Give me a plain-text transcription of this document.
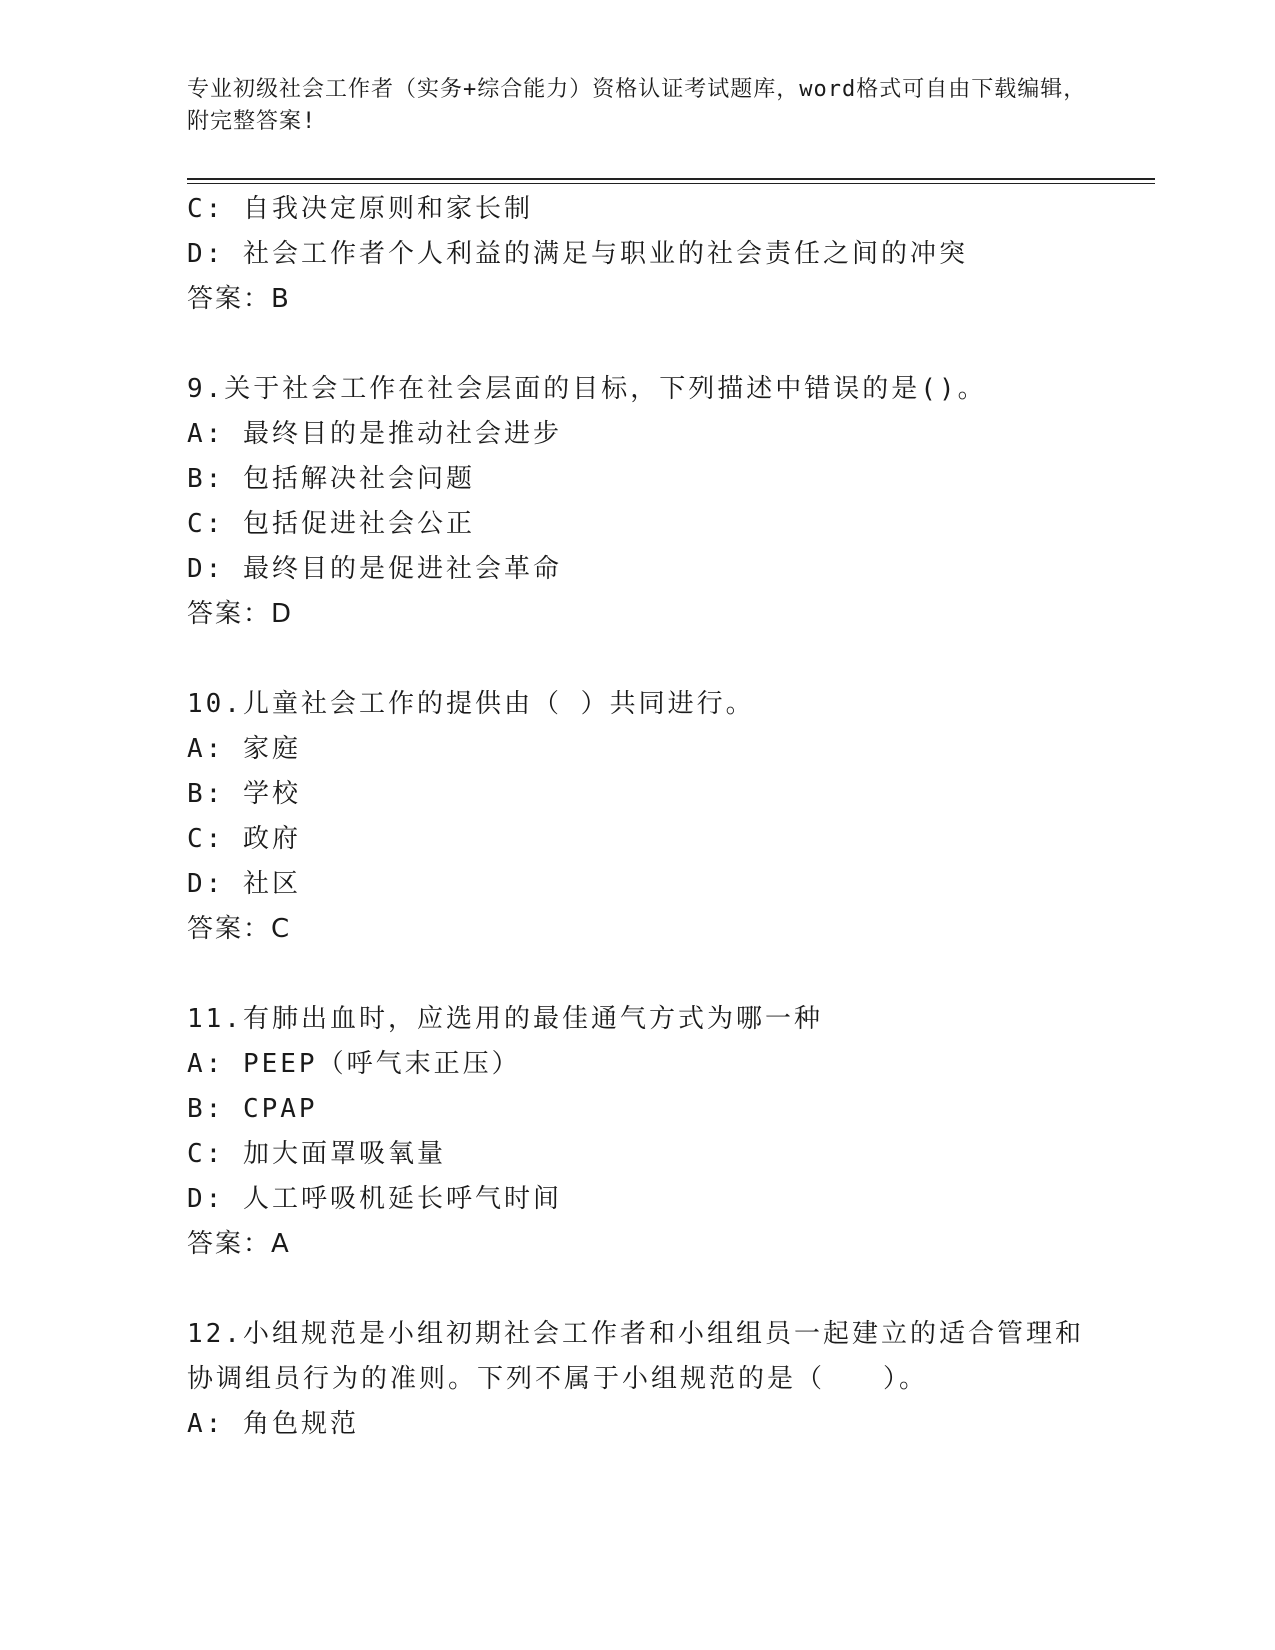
专业初级社会工作者（实务+综合能力）资格认证考试题库，word格式可自由下载编辑，附完整答案!
C: 自我决定原则和家长制
D: 社会工作者个人利益的满足与职业的社会责任之间的冲突
答案：B
9.关于社会工作在社会层面的目标，下列描述中错误的是()。
A: 最终目的是推动社会进步
B: 包括解决社会问题
C: 包括促进社会公正
D: 最终目的是促进社会革命
答案：D
10.儿童社会工作的提供由（ ）共同进行。
A: 家庭
B: 学校
C: 政府
D: 社区
答案：C
11.有肺出血时，应选用的最佳通气方式为哪一种
A: PEEP（呼气末正压）
B: CPAP
C: 加大面罩吸氧量
D: 人工呼吸机延长呼气时间
答案：A
12.小组规范是小组初期社会工作者和小组组员一起建立的适合管理和
协调组员行为的准则。下列不属于小组规范的是（　　）。
A: 角色规范
